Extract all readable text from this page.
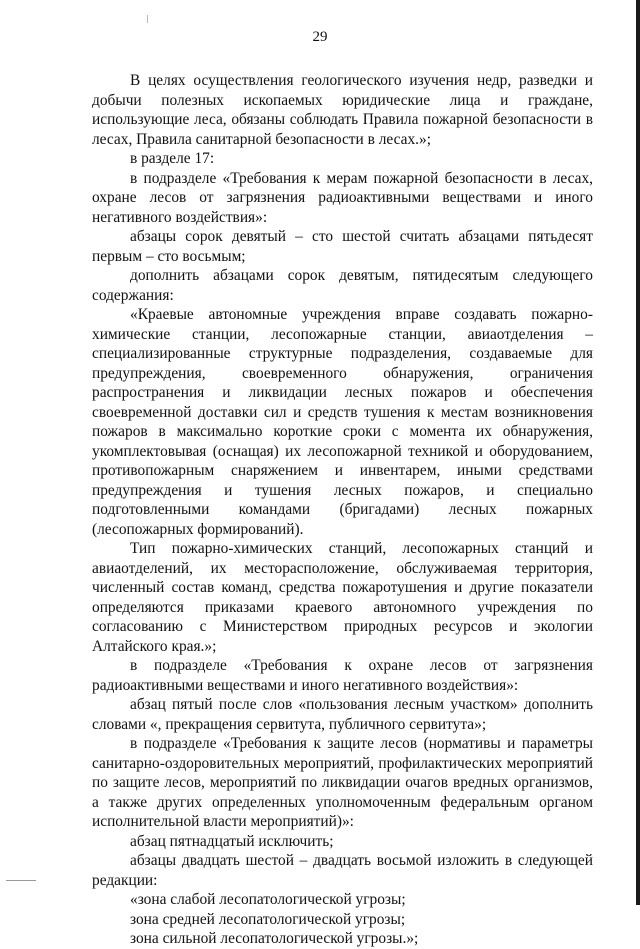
29

В целях осуществления геологического изучения недр, разведки и добычи полезных ископаемых юридические лица и граждане, использующие леса, обязаны соблюдать Правила пожарной безопасности в лесах, Правила санитарной безопасности в лесах.»;

в разделе 17:

в подразделе «Требования к мерам пожарной безопасности в лесах, охране лесов от загрязнения радиоактивными веществами и иного негативного воздействия»:

абзацы сорок девятый – сто шестой считать абзацами пятьдесят первым – сто восьмым;

дополнить абзацами сорок девятым, пятидесятым следующего содержания:

«Краевые автономные учреждения вправе создавать пожарно-химические станции, лесопожарные станции, авиаотделения – специализированные структурные подразделения, создаваемые для предупреждения, своевременного обнаружения, ограничения распространения и ликвидации лесных пожаров и обеспечения своевременной доставки сил и средств тушения к местам возникновения пожаров в максимально короткие сроки с момента их обнаружения, укомплектовывая (оснащая) их лесопожарной техникой и оборудованием, противопожарным снаряжением и инвентарем, иными средствами предупреждения и тушения лесных пожаров, и специально подготовленными командами (бригадами) лесных пожарных (лесопожарных формирований).

Тип пожарно-химических станций, лесопожарных станций и авиаотделений, их месторасположение, обслуживаемая территория, численный состав команд, средства пожаротушения и другие показатели определяются приказами краевого автономного учреждения по согласованию с Министерством природных ресурсов и экологии Алтайского края.»;

в подразделе «Требования к охране лесов от загрязнения радиоактивными веществами и иного негативного воздействия»:

абзац пятый после слов «пользования лесным участком» дополнить словами «, прекращения сервитута, публичного сервитута»;

в подразделе «Требования к защите лесов (нормативы и параметры санитарно-оздоровительных мероприятий, профилактических мероприятий по защите лесов, мероприятий по ликвидации очагов вредных организмов, а также других определенных уполномоченным федеральным органом исполнительной власти мероприятий)»:

абзац пятнадцатый исключить;

абзацы двадцать шестой – двадцать восьмой изложить в следующей редакции:

«зона слабой лесопатологической угрозы;

зона средней лесопатологической угрозы;

зона сильной лесопатологической угрозы.»;
